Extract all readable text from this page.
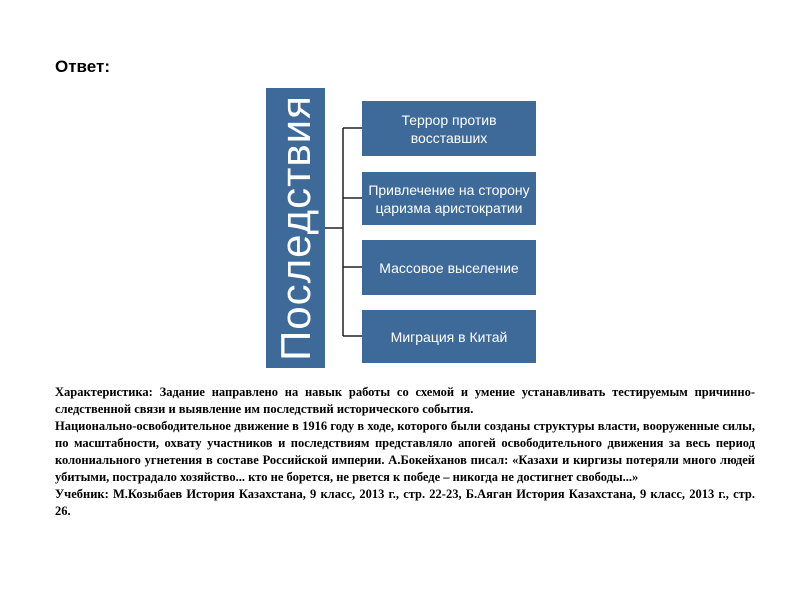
Ответ:
Последствия	Террор против восставших
Привлечение на сторону царизма аристократии
Массовое выселение
Миграция в Китай

Характеристика: Задание направлено на навык работы со схемой и умение устанавливать тестируемым причинно-следственной связи и выявление им последствий исторического события.

Национально-освободительное движение в 1916 году в ходе, которого были созданы структуры власти, вооруженные силы, по масштабности, охвату участников и последствиям представляло апогей освободительного движения за весь период колониального угнетения в составе Российской империи. А.Бокейханов писал: «Казахи и киргизы потеряли много людей убитыми, пострадало хозяйство... кто не борется, не рвется к победе – никогда не достигнет свободы...»

Учебник: М.Козыбаев История Казахстана, 9 класс, 2013 г., стр. 22-23, Б.Аяган История Казахстана, 9 класс, 2013 г., стр. 26.
